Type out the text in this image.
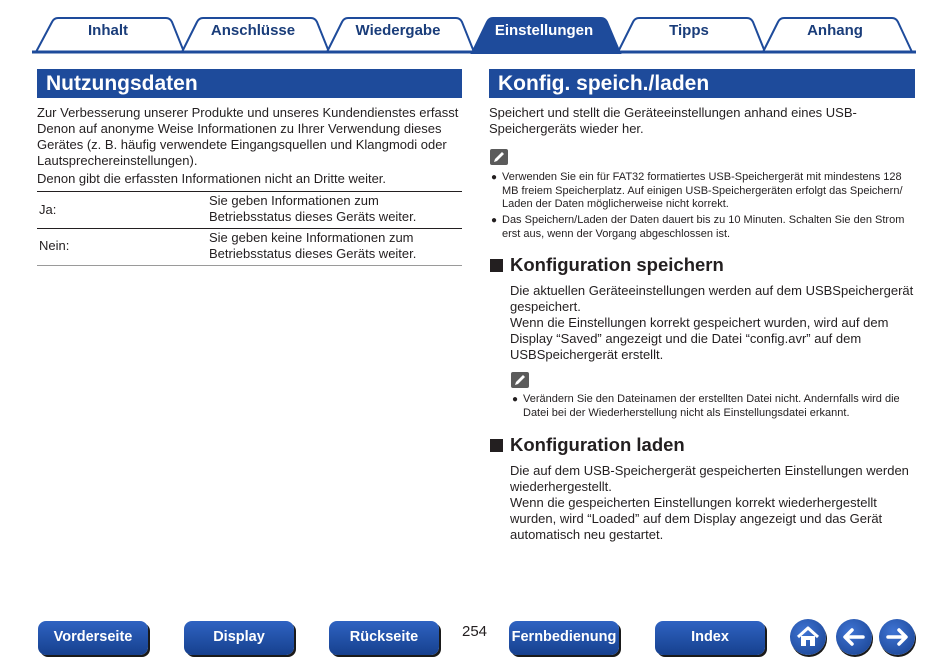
Inhalt	Anschlüsse	Wiedergabe	Einstellungen	Tipps	Anhang
Nutzungsdaten
Zur Verbesserung unserer Produkte und unseres Kundendienstes erfasst
Denon auf anonyme Weise Informationen zu Ihrer Verwendung dieses
Gerätes (z. B. häufig verwendete Eingangsquellen und Klangmodi oder
Lautsprechereinstellungen).
Denon gibt die erfassten Informationen nicht an Dritte weiter.
Ja:
Sie geben Informationen zum
Betriebsstatus dieses Geräts weiter.
Nein:
Sie geben keine Informationen zum
Betriebsstatus dieses Geräts weiter.
Konfig. speich./laden
Speichert und stellt die Geräteeinstellungen anhand eines USB-
Speichergeräts wieder her.
● Verwenden Sie ein für FAT32 formatiertes USB-Speichergerät mit mindestens 128
MB freiem Speicherplatz. Auf einigen USB-Speichergeräten erfolgt das Speichern/
Laden der Daten möglicherweise nicht korrekt.
● Das Speichern/Laden der Daten dauert bis zu 10 Minuten. Schalten Sie den Strom
erst aus, wenn der Vorgang abgeschlossen ist.
Konfiguration speichern
Die aktuellen Geräteeinstellungen werden auf dem USBSpeichergerät
gespeichert.
Wenn die Einstellungen korrekt gespeichert wurden, wird auf dem
Display “Saved” angezeigt und die Datei “config.avr” auf dem
USBSpeichergerät erstellt.
● Verändern Sie den Dateinamen der erstellten Datei nicht. Andernfalls wird die
Datei bei der Wiederherstellung nicht als Einstellungsdatei erkannt.
Konfiguration laden
Die auf dem USB-Speichergerät gespeicherten Einstellungen werden
wiederhergestellt.
Wenn die gespeicherten Einstellungen korrekt wiederhergestellt
wurden, wird “Loaded” auf dem Display angezeigt und das Gerät
automatisch neu gestartet.
Vorderseite	Display	Rückseite	254 Fernbedienung	Index
